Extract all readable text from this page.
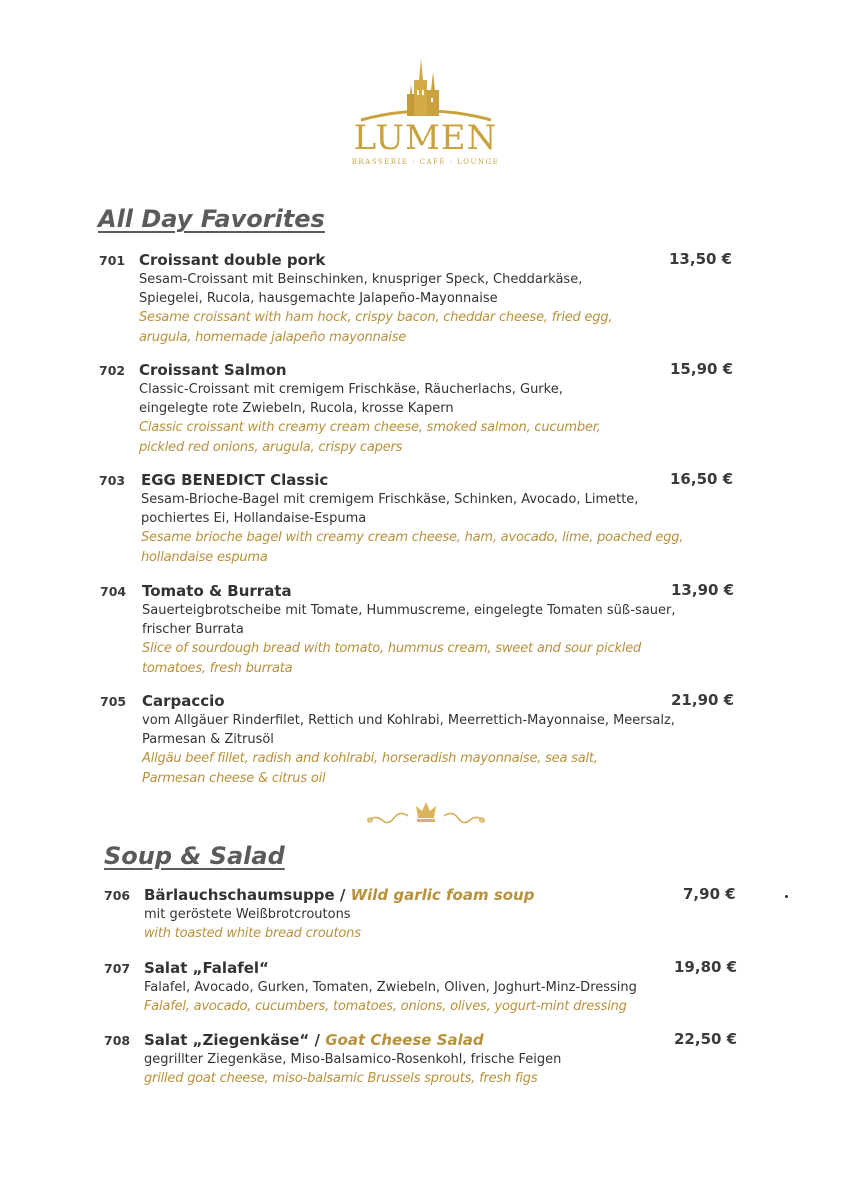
LUMEN
BRASSERIE · CAFÉ · LOUNGE
All Day Favorites
701 Croissant double pork
Sesam-Croissant mit Beinschinken, knuspriger Speck, Cheddarkäse,
Spiegelei, Rucola, hausgemachte Jalapeño-Mayonnaise
Sesame croissant with ham hock, crispy bacon, cheddar cheese, fried egg,
arugula, homemade jalapeño mayonnaise
13,50 €
702 Croissant Salmon
Classic-Croissant mit cremigem Frischkäse, Räucherlachs, Gurke,
eingelegte rote Zwiebeln, Rucola, krosse Kapern
Classic croissant with creamy cream cheese, smoked salmon, cucumber,
pickled red onions, arugula, crispy capers
15,90 €
703 EGG BENEDICT Classic
Sesam-Brioche-Bagel mit cremigem Frischkäse, Schinken, Avocado, Limette,
pochiertes Ei, Hollandaise-Espuma
Sesame brioche bagel with creamy cream cheese, ham, avocado, lime, poached egg,
hollandaise espuma
16,50 €
704 Tomato & Burrata
Sauerteigbrotscheibe mit Tomate, Hummuscreme, eingelegte Tomaten süß-sauer,
frischer Burrata
Slice of sourdough bread with tomato, hummus cream, sweet and sour pickled
tomatoes, fresh burrata
13,90 €
705 Carpaccio
vom Allgäuer Rinderfilet, Rettich und Kohlrabi, Meerrettich-Mayonnaise, Meersalz,
Parmesan & Zitrusöl
Allgäu beef fillet, radish and kohlrabi, horseradish mayonnaise, sea salt,
Parmesan cheese & citrus oil
21,90 €
Soup & Salad
706 Bärlauchschaumsuppe / Wild garlic foam soup
mit geröstete Weißbrotcroutons
with toasted white bread croutons
7,90 €
707 Salat „Falafel“
Falafel, Avocado, Gurken, Tomaten, Zwiebeln, Oliven, Joghurt-Minz-Dressing
Falafel, avocado, cucumbers, tomatoes, onions, olives, yogurt-mint dressing
19,80 €
708 Salat „Ziegenkäse“ / Goat Cheese Salad
gegrillter Ziegenkäse, Miso-Balsamico-Rosenkohl, frische Feigen
grilled goat cheese, miso-balsamic Brussels sprouts, fresh figs
22,50 €
